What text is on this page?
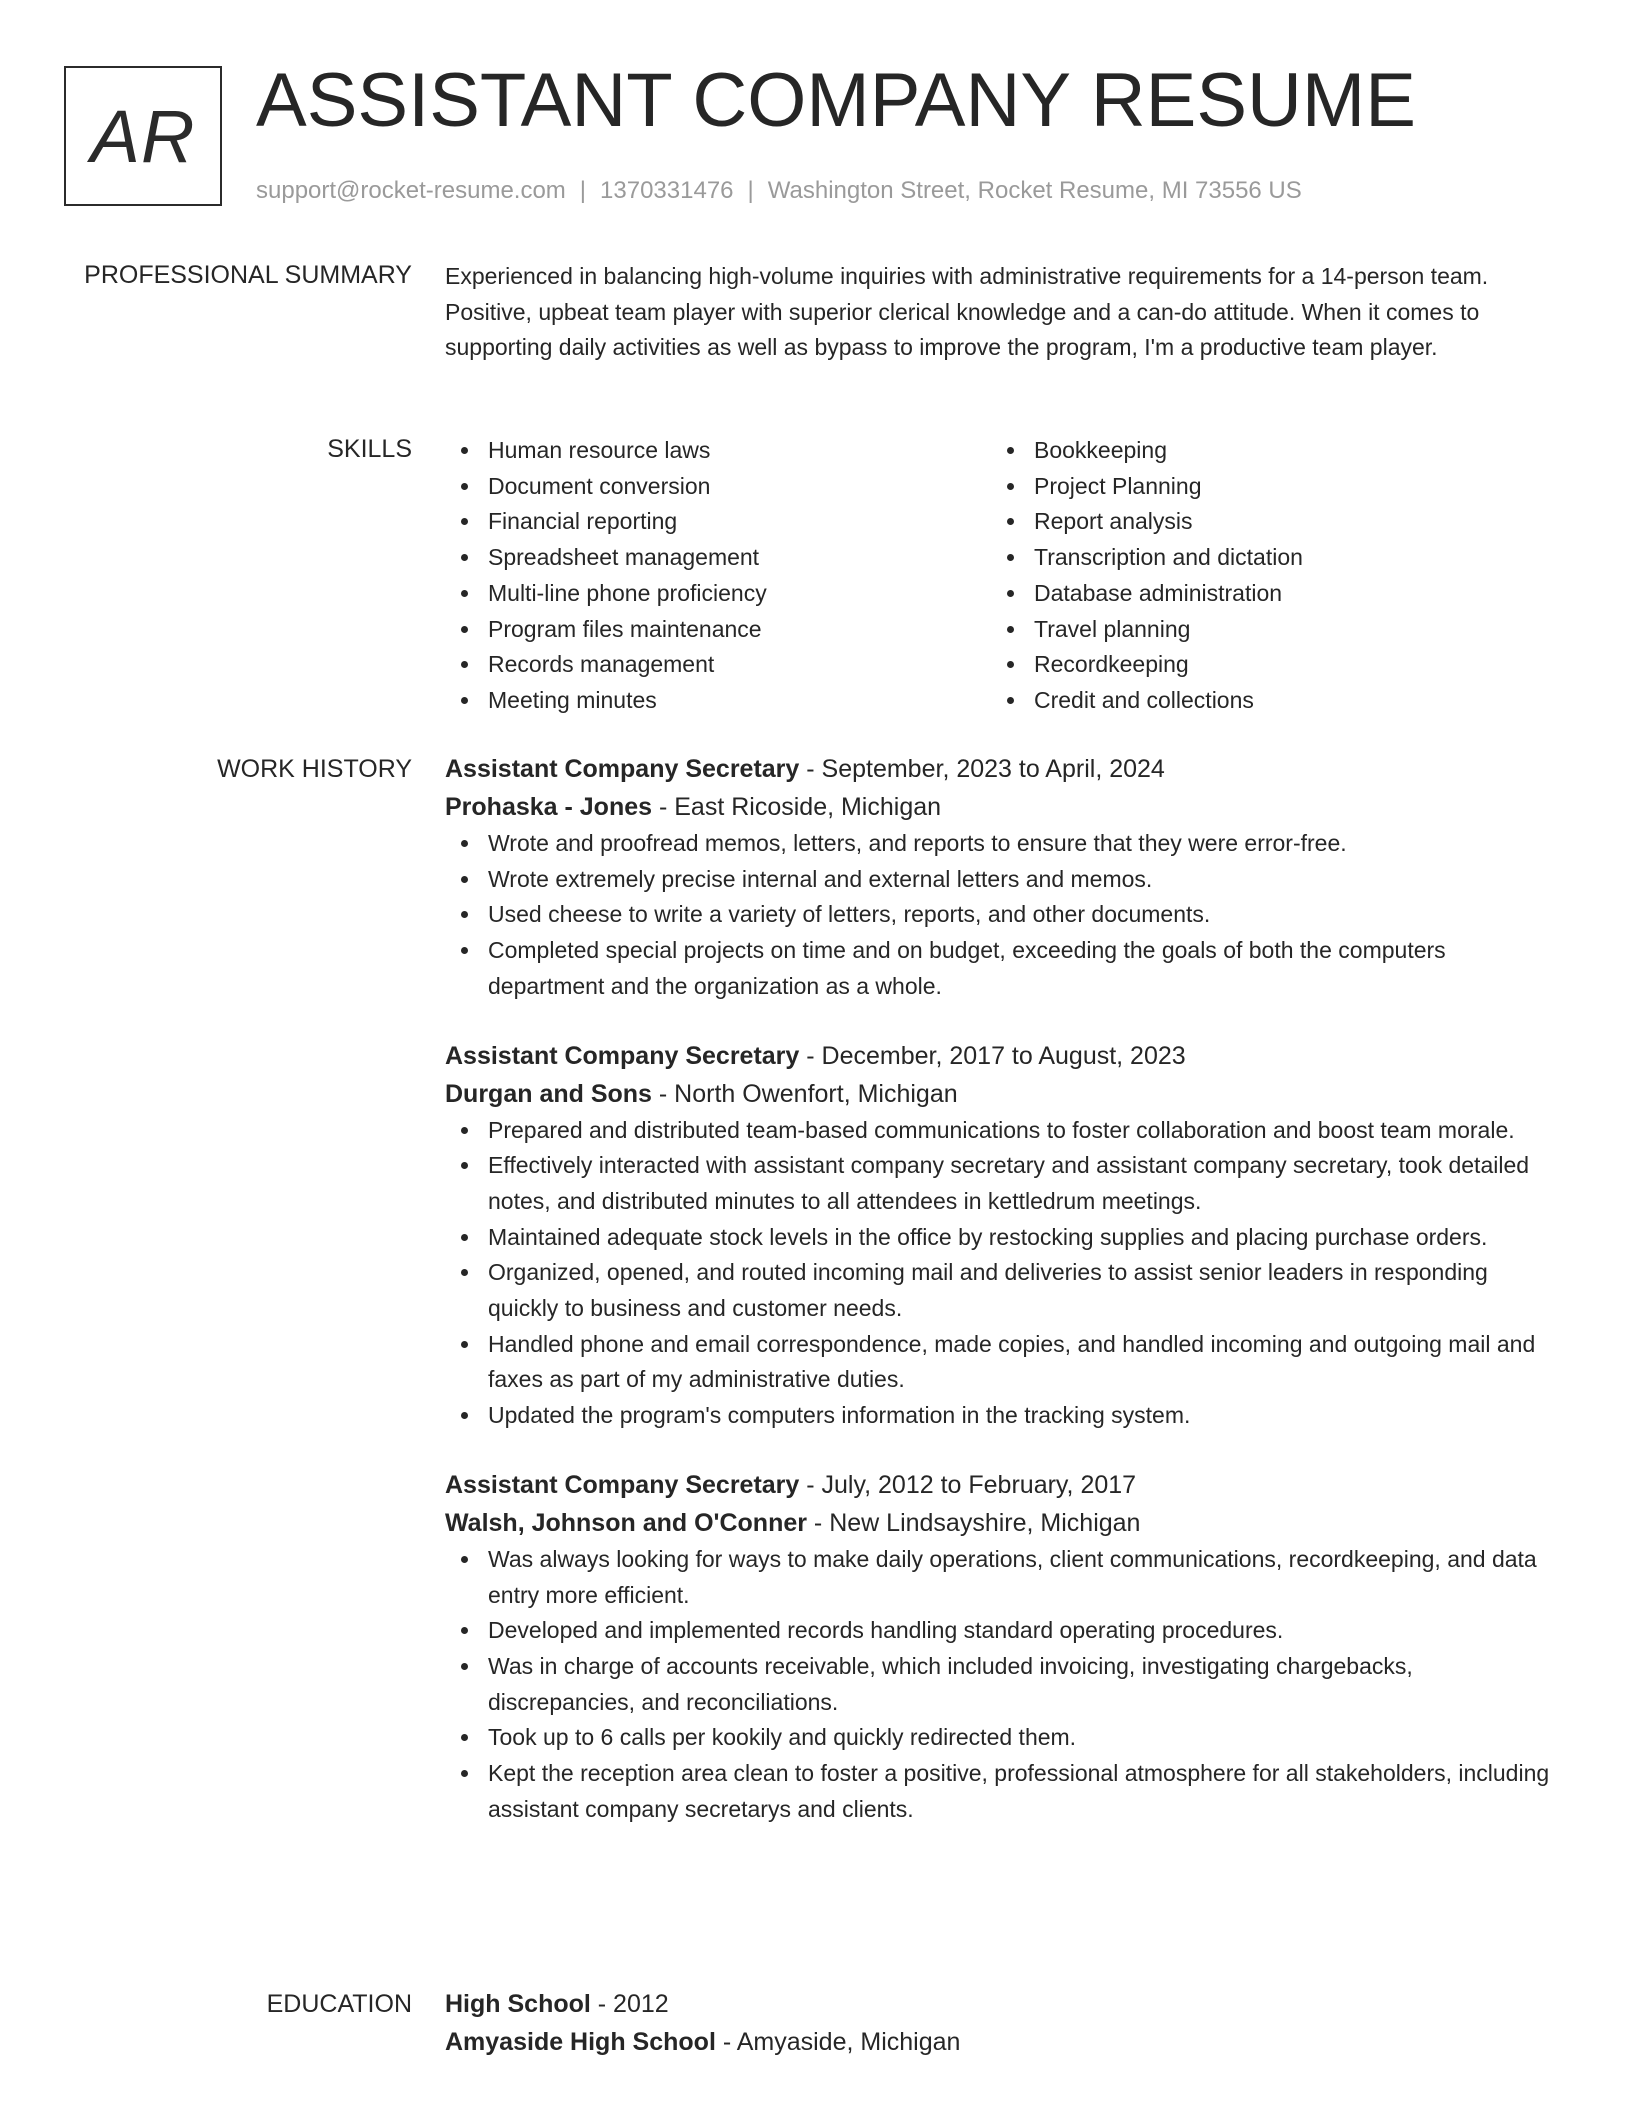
AR ASSISTANT COMPANY RESUME
support@rocket-resume.com | 1370331476 | Washington Street, Rocket Resume, MI 73556 US
PROFESSIONAL SUMMARY Experienced in balancing high-volume inquiries with administrative requirements for a 14-person team. Positive, upbeat team player with superior clerical knowledge and a can-do attitude. When it comes to supporting daily activities as well as bypass to improve the program, I'm a productive team player.

SKILLS	Human resource laws
Document conversion
Financial reporting
Spreadsheet management
Multi-line phone proficiency
Program files maintenance
Records management
Meeting minutes
Bookkeeping
Project Planning
Report analysis
Transcription and dictation
Database administration
Travel planning
Recordkeeping
Credit and collections
WORK HISTORY Assistant Company Secretary - September, 2023 to April, 2024
Prohaska - Jones - East Ricoside, Michigan
Wrote and proofread memos, letters, and reports to ensure that they were error-free.
Wrote extremely precise internal and external letters and memos.
Used cheese to write a variety of letters, reports, and other documents.
Completed special projects on time and on budget, exceeding the goals of both the computers department and the organization as a whole.
Assistant Company Secretary - December, 2017 to August, 2023
Durgan and Sons - North Owenfort, Michigan
Prepared and distributed team-based communications to foster collaboration and boost team morale.
Effectively interacted with assistant company secretary and assistant company secretary, took detailed notes, and distributed minutes to all attendees in kettledrum meetings.
Maintained adequate stock levels in the office by restocking supplies and placing purchase orders.
Organized, opened, and routed incoming mail and deliveries to assist senior leaders in responding quickly to business and customer needs.
Handled phone and email correspondence, made copies, and handled incoming and outgoing mail and faxes as part of my administrative duties.
Updated the program's computers information in the tracking system.
Assistant Company Secretary - July, 2012 to February, 2017
Walsh, Johnson and O'Conner - New Lindsayshire, Michigan
Was always looking for ways to make daily operations, client communications, recordkeeping, and data entry more efficient.
Developed and implemented records handling standard operating procedures.
Was in charge of accounts receivable, which included invoicing, investigating chargebacks, discrepancies, and reconciliations.
Took up to 6 calls per kookily and quickly redirected them.
Kept the reception area clean to foster a positive, professional atmosphere for all stakeholders, including assistant company secretarys and clients.
EDUCATION High School - 2012
Amyaside High School - Amyaside, Michigan
